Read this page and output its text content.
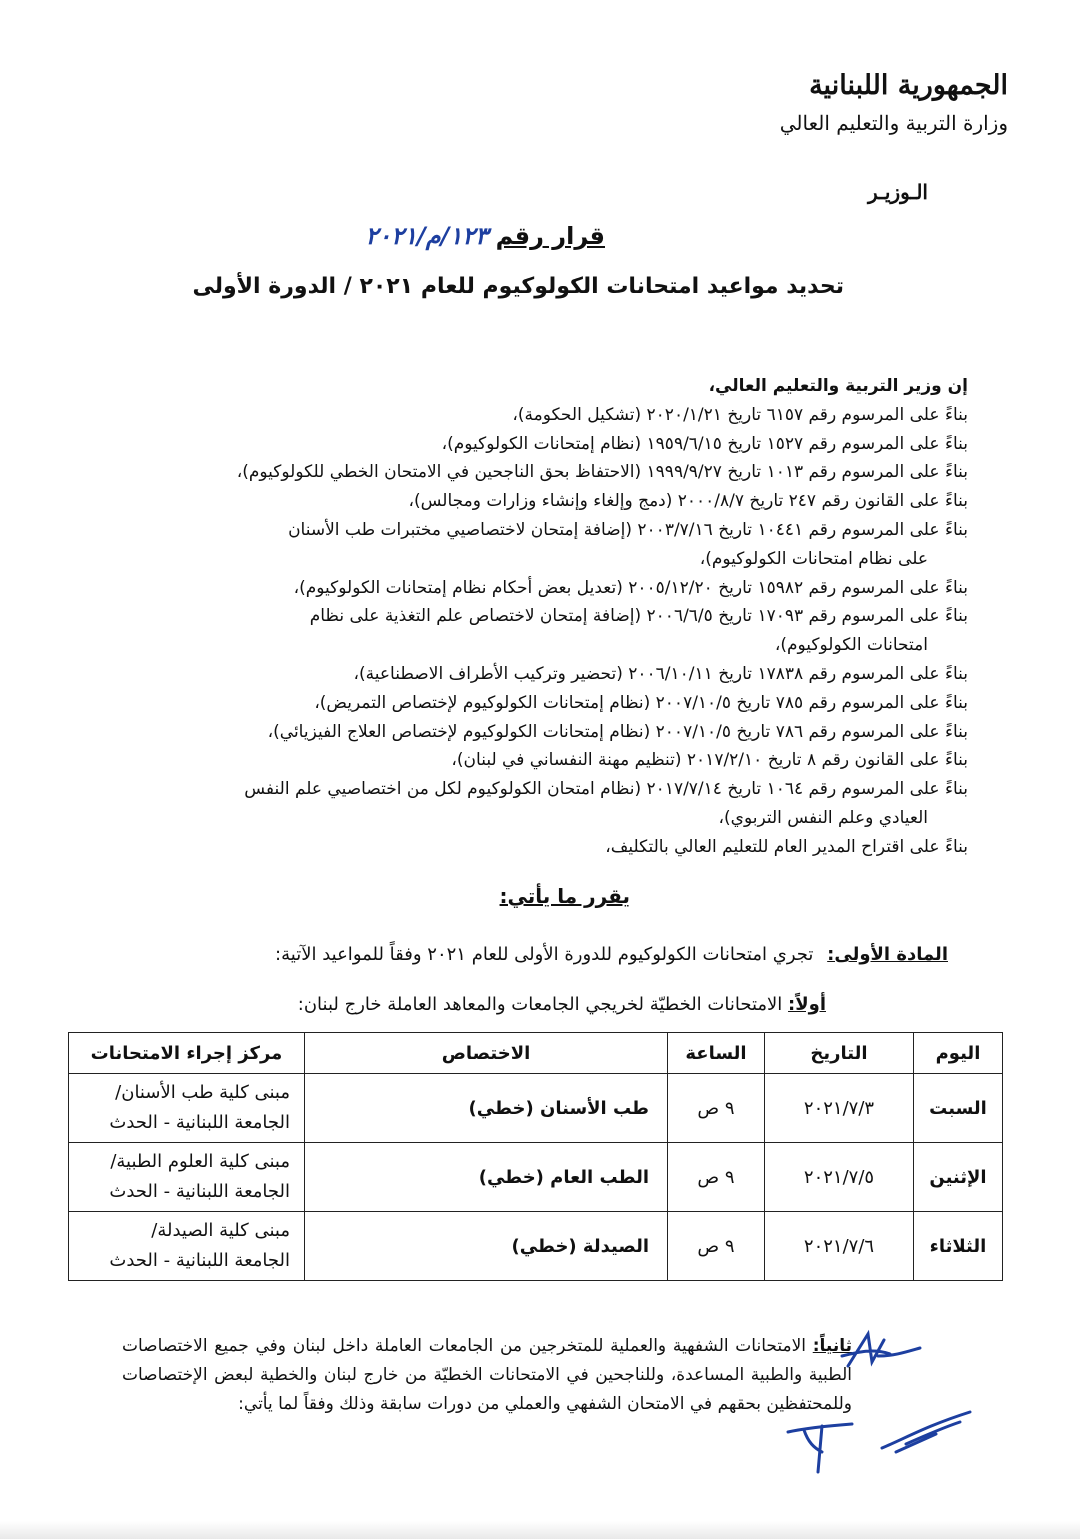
الجمهورية اللبنانية
وزارة التربية والتعليم العالي
الـوزيـر
قرار رقم
١٢٣/م/٢٠٢١
تحديد مواعيد امتحانات الكولوكيوم للعام ٢٠٢١ / الدورة الأولى
إن وزير التربية والتعليم العالي،
بناءً على المرسوم رقم ٦١٥٧ تاريخ ٢٠٢٠/١/٢١ (تشكيل الحكومة)،
بناءً على المرسوم رقم ١٥٢٧ تاريخ ١٩٥٩/٦/١٥ (نظام إمتحانات الكولوكيوم)،
بناءً على المرسوم رقم ١٠١٣ تاريخ ١٩٩٩/٩/٢٧ (الاحتفاظ بحق الناجحين في الامتحان الخطي للكولوكيوم)،
بناءً على القانون رقم ٢٤٧ تاريخ ٢٠٠٠/٨/٧ (دمج وإلغاء وإنشاء وزارات ومجالس)،
بناءً على المرسوم رقم ١٠٤٤١ تاريخ ٢٠٠٣/٧/١٦ (إضافة إمتحان لاختصاصيي مختبرات طب الأسنان
على نظام امتحانات الكولوكيوم)،
بناءً على المرسوم رقم ١٥٩٨٢ تاريخ ٢٠٠٥/١٢/٢٠ (تعديل بعض أحكام نظام إمتحانات الكولوكيوم)،
بناءً على المرسوم رقم ١٧٠٩٣ تاريخ ٢٠٠٦/٦/٥ (إضافة إمتحان لاختصاص علم التغذية على نظام
امتحانات الكولوكيوم)،
بناءً على المرسوم رقم ١٧٨٣٨ تاريخ ٢٠٠٦/١٠/١١ (تحضير وتركيب الأطراف الاصطناعية)،
بناءً على المرسوم رقم ٧٨٥ تاريخ ٢٠٠٧/١٠/٥ (نظام إمتحانات الكولوكيوم لإختصاص التمريض)،
بناءً على المرسوم رقم ٧٨٦ تاريخ ٢٠٠٧/١٠/٥ (نظام إمتحانات الكولوكيوم لإختصاص العلاج الفيزيائي)،
بناءً على القانون رقم ٨ تاريخ ٢٠١٧/٢/١٠ (تنظيم مهنة النفساني في لبنان)،
بناءً على المرسوم رقم ١٠٦٤ تاريخ ٢٠١٧/٧/١٤ (نظام امتحان الكولوكيوم لكل من اختصاصيي علم النفس
العيادي وعلم النفس التربوي)،
بناءً على اقتراح المدير العام للتعليم العالي بالتكليف،
يقرر ما يأتي:
المادة الأولى: تجري امتحانات الكولوكيوم للدورة الأولى للعام ٢٠٢١ وفقاً للمواعيد الآتية:
أولاً: الامتحانات الخطيّة لخريجي الجامعات والمعاهد العاملة خارج لبنان:
اليوم	التاريخ	الساعة	الاختصاص	مركز إجراء الامتحانات
السبت	٢٠٢١/٧/٣	٩ ص	طب الأسنان (خطي)	مبنى كلية طب الأسنان/
الجامعة اللبنانية - الحدث

الإثنين	٢٠٢١/٧/٥	٩ ص	الطب العام (خطي)	مبنى كلية العلوم الطبية/
الجامعة اللبنانية - الحدث

الثلاثاء	٢٠٢١/٧/٦	٩ ص	الصيدلة (خطي)	مبنى كلية الصيدلة/
الجامعة اللبنانية - الحدث
ثانياً: الامتحانات الشفهية والعملية للمتخرجين من الجامعات العاملة داخل لبنان وفي جميع الاختصاصات الطبية والطبية المساعدة، وللناجحين في الامتحانات الخطيّة من خارج لبنان والخطية لبعض الإختصاصات وللمحتفظين بحقهم في الامتحان الشفهي والعملي من دورات سابقة وذلك وفقاً لما يأتي:
